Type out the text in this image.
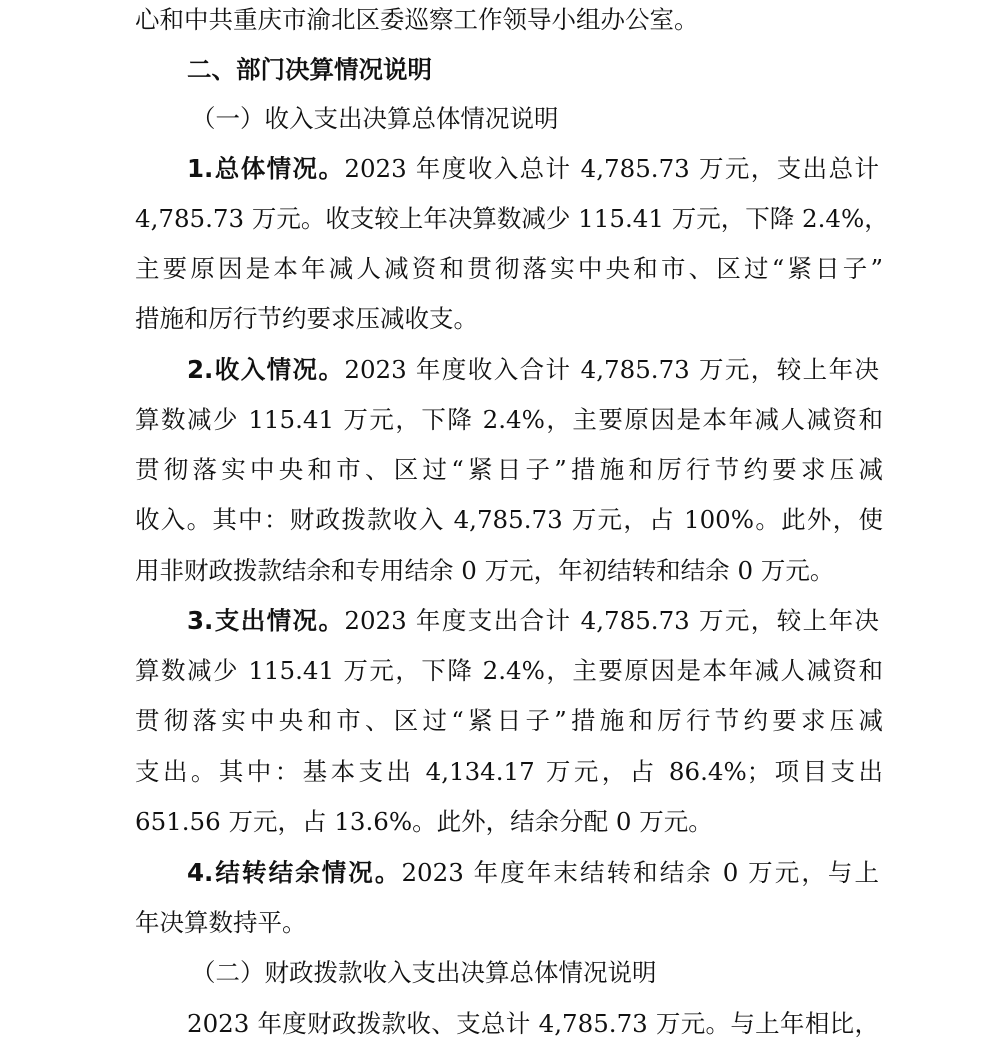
心和中共重庆市渝北区委巡察工作领导小组办公室。
二、部门决算情况说明
（一）收入支出决算总体情况说明
1.总体情况。2023 年度收入总计 4,785.73 万元，支出总计
4,785.73 万元。收支较上年决算数减少 115.41 万元，下降 2.4%，
主要原因是本年减人减资和贯彻落实中央和市、区过“紧日子”
措施和厉行节约要求压减收支。
2.收入情况。2023 年度收入合计 4,785.73 万元，较上年决
算数减少 115.41 万元，下降 2.4%，主要原因是本年减人减资和
贯彻落实中央和市、区过“紧日子”措施和厉行节约要求压减
收入。其中：财政拨款收入 4,785.73 万元，占 100%。此外，使
用非财政拨款结余和专用结余 0 万元，年初结转和结余 0 万元。
3.支出情况。2023 年度支出合计 4,785.73 万元，较上年决
算数减少 115.41 万元，下降 2.4%，主要原因是本年减人减资和
贯彻落实中央和市、区过“紧日子”措施和厉行节约要求压减
支出。其中：基本支出 4,134.17 万元，占 86.4%；项目支出
651.56 万元，占 13.6%。此外，结余分配 0 万元。
4.结转结余情况。2023 年度年末结转和结余 0 万元，与上
年决算数持平。
（二）财政拨款收入支出决算总体情况说明
2023 年度财政拨款收、支总计 4,785.73 万元。与上年相比，
